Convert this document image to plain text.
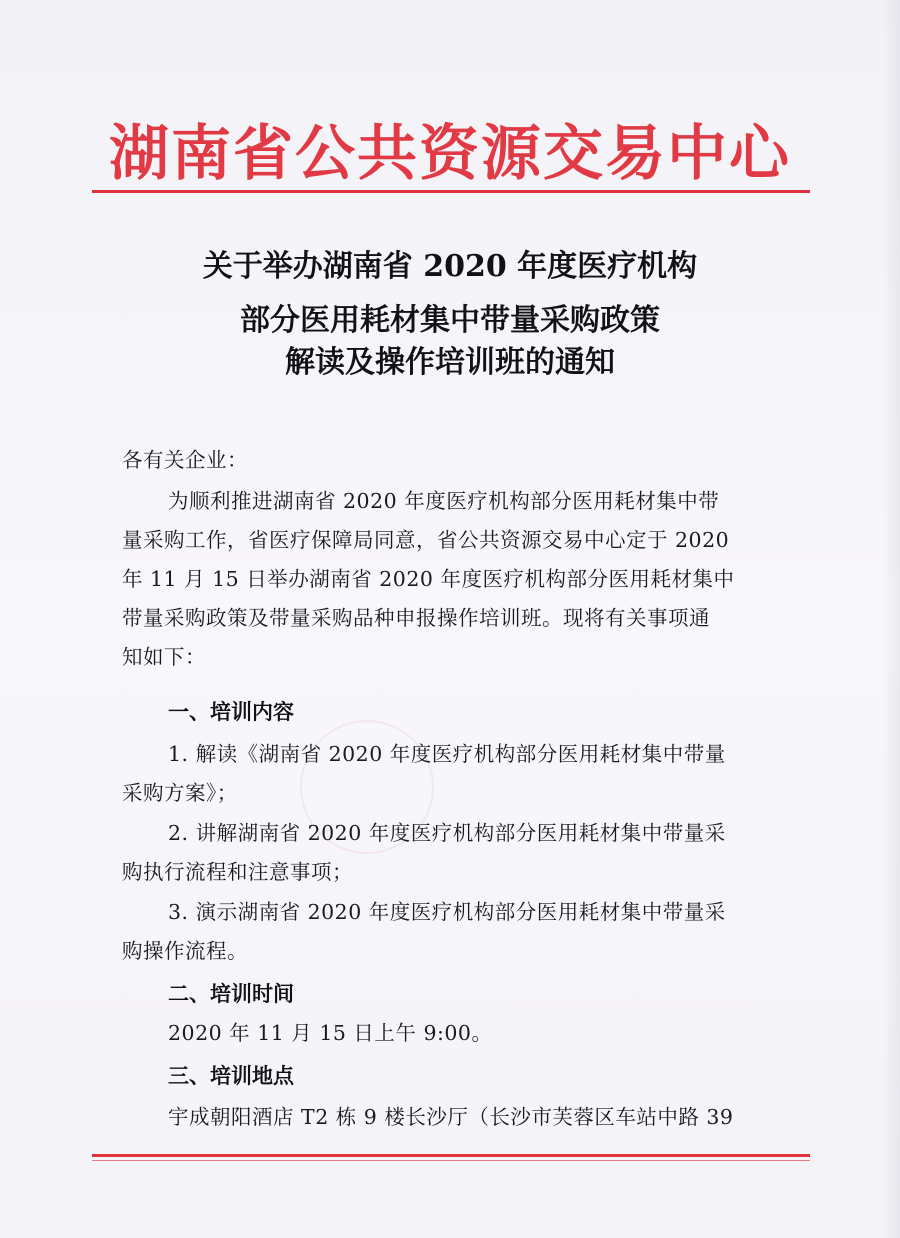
湖南省公共资源交易中心
关于举办湖南省 2020 年度医疗机构
部分医用耗材集中带量采购政策
解读及操作培训班的通知
各有关企业：
为顺利推进湖南省 2020 年度医疗机构部分医用耗材集中带
量采购工作，省医疗保障局同意，省公共资源交易中心定于 2020
年 11 月 15 日举办湖南省 2020 年度医疗机构部分医用耗材集中
带量采购政策及带量采购品种申报操作培训班。现将有关事项通
知如下：
一、培训内容
1. 解读《湖南省 2020 年度医疗机构部分医用耗材集中带量
采购方案》；
2. 讲解湖南省 2020 年度医疗机构部分医用耗材集中带量采
购执行流程和注意事项；
3. 演示湖南省 2020 年度医疗机构部分医用耗材集中带量采
购操作流程。
二、培训时间
2020 年 11 月 15 日上午 9:00。
三、培训地点
宇成朝阳酒店 T2 栋 9 楼长沙厅（长沙市芙蓉区车站中路 39
